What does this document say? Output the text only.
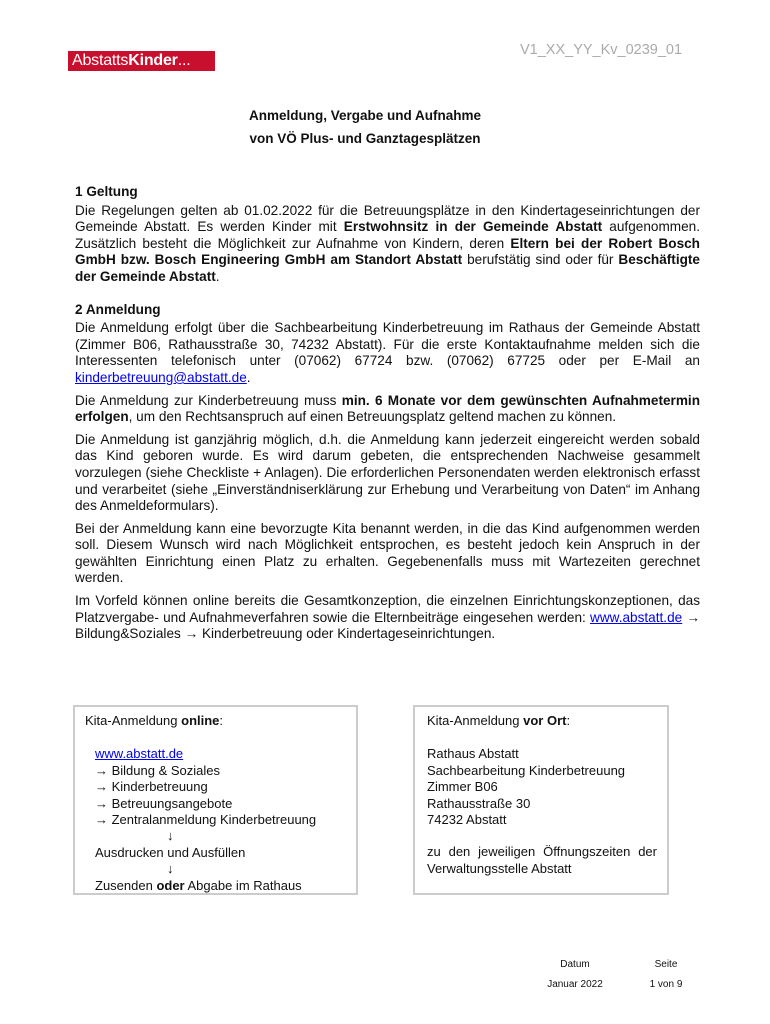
AbstattsKinder...
V1_XX_YY_Kv_0239_01
Anmeldung, Vergabe und Aufnahme
von VÖ Plus- und Ganztagesplätzen
1 Geltung

Die Regelungen gelten ab 01.02.2022 für die Betreuungsplätze in den Kindertageseinrichtungen der Gemeinde Abstatt. Es werden Kinder mit Erstwohnsitz in der Gemeinde Abstatt aufgenommen. Zusätzlich besteht die Möglichkeit zur Aufnahme von Kindern, deren Eltern bei der Robert Bosch GmbH bzw. Bosch Engineering GmbH am Standort Abstatt berufstätig sind oder für Beschäftigte der Gemeinde Abstatt.

2 Anmeldung

Die Anmeldung erfolgt über die Sachbearbeitung Kinderbetreuung im Rathaus der Gemeinde Abstatt (Zimmer B06, Rathausstraße 30, 74232 Abstatt). Für die erste Kontaktaufnahme melden sich die Interessenten telefonisch unter (07062) 67724 bzw. (07062) 67725 oder per E-Mail an kinderbetreuung@abstatt.de.

Die Anmeldung zur Kinderbetreuung muss min. 6 Monate vor dem gewünschten Aufnahmetermin erfolgen, um den Rechtsanspruch auf einen Betreuungsplatz geltend machen zu können.

Die Anmeldung ist ganzjährig möglich, d.h. die Anmeldung kann jederzeit eingereicht werden sobald das Kind geboren wurde. Es wird darum gebeten, die entsprechenden Nachweise gesammelt vorzulegen (siehe Checkliste + Anlagen). Die erforderlichen Personendaten werden elektronisch erfasst und verarbeitet (siehe „Einverständniserklärung zur Erhebung und Verarbeitung von Daten“ im Anhang des Anmeldeformulars).

Bei der Anmeldung kann eine bevorzugte Kita benannt werden, in die das Kind aufgenommen werden soll. Diesem Wunsch wird nach Möglichkeit entsprochen, es besteht jedoch kein Anspruch in der gewählten Einrichtung einen Platz zu erhalten. Gegebenenfalls muss mit Wartezeiten gerechnet werden.

Im Vorfeld können online bereits die Gesamtkonzeption, die einzelnen Einrichtungskonzeptionen, das Platzvergabe- und Aufnahmeverfahren sowie die Elternbeiträge eingesehen werden: www.abstatt.de → Bildung&Soziales → Kinderbetreuung oder Kindertageseinrichtungen.

Kita-Anmeldung online:
www.abstatt.de
→ Bildung & Soziales
→ Kinderbetreuung
→ Betreuungsangebote
→ Zentralanmeldung Kinderbetreuung
↓
Ausdrucken und Ausfüllen
↓
Zusenden oder Abgabe im Rathaus
Kita-Anmeldung vor Ort:
Rathaus Abstatt
Sachbearbeitung Kinderbetreuung
Zimmer B06
Rathausstraße 30
74232 Abstatt
zu den jeweiligen Öffnungszeiten der Verwaltungsstelle Abstatt
Datum
Januar 2022
Seite
1 von 9
